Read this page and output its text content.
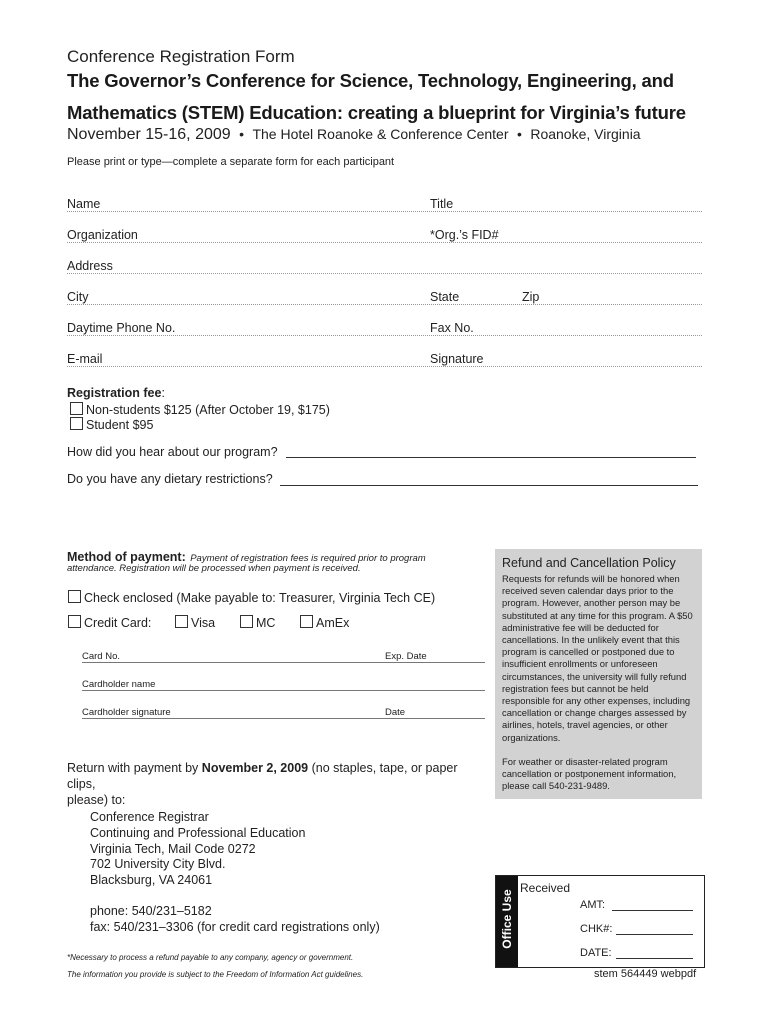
Conference Registration Form
The Governor’s Conference for Science, Technology, Engineering, and
Mathematics (STEM) Education: creating a blueprint for Virginia’s future
November 15-16, 2009 • The Hotel Roanoke & Conference Center • Roanoke, Virginia
Please print or type—complete a separate form for each participant
Name	Title
Organization	*Org.’s FID#
Address
City	State	Zip
Daytime Phone No.	Fax No.
E-mail	Signature
Registration fee:
Non-students $125 (After October 19, $175)
Student $95
How did you hear about our program?
Do you have any dietary restrictions?
Method of payment: Payment of registration fees is required prior to program
attendance. Registration will be processed when payment is received.
Check enclosed (Make payable to: Treasurer, Virginia Tech CE)
Credit Card:	Visa	MC	AmEx
Card No.	Exp. Date
Cardholder name
Cardholder signature	Date
Return with payment by November 2, 2009 (no staples, tape, or paper
clips,
please) to:
Conference Registrar
Continuing and Professional Education
Virginia Tech, Mail Code 0272
702 University City Blvd.
Blacksburg, VA 24061
phone: 540/231–5182
fax: 540/231–3306 (for credit card registrations only)
Refund and Cancellation Policy
Requests for refunds will be honored when received seven calendar days prior to the program. However, another person may be substituted at any time for this program. A $50 administrative fee will be deducted for cancellations. In the unlikely event that this program is cancelled or postponed due to insufficient enrollments or unforeseen circumstances, the university will fully refund registration fees but cannot be held responsible for any other expenses, including cancellation or change charges assessed by airlines, hotels, travel agencies, or other organizations.
For weather or disaster-related program cancellation or postponement information, please call 540-231-9489.
Office Use
Received
AMT:
CHK#:
DATE:
*Necessary to process a refund payable to any company, agency or government.
The information you provide is subject to the Freedom of Information Act guidelines.	stem 564449 webpdf
